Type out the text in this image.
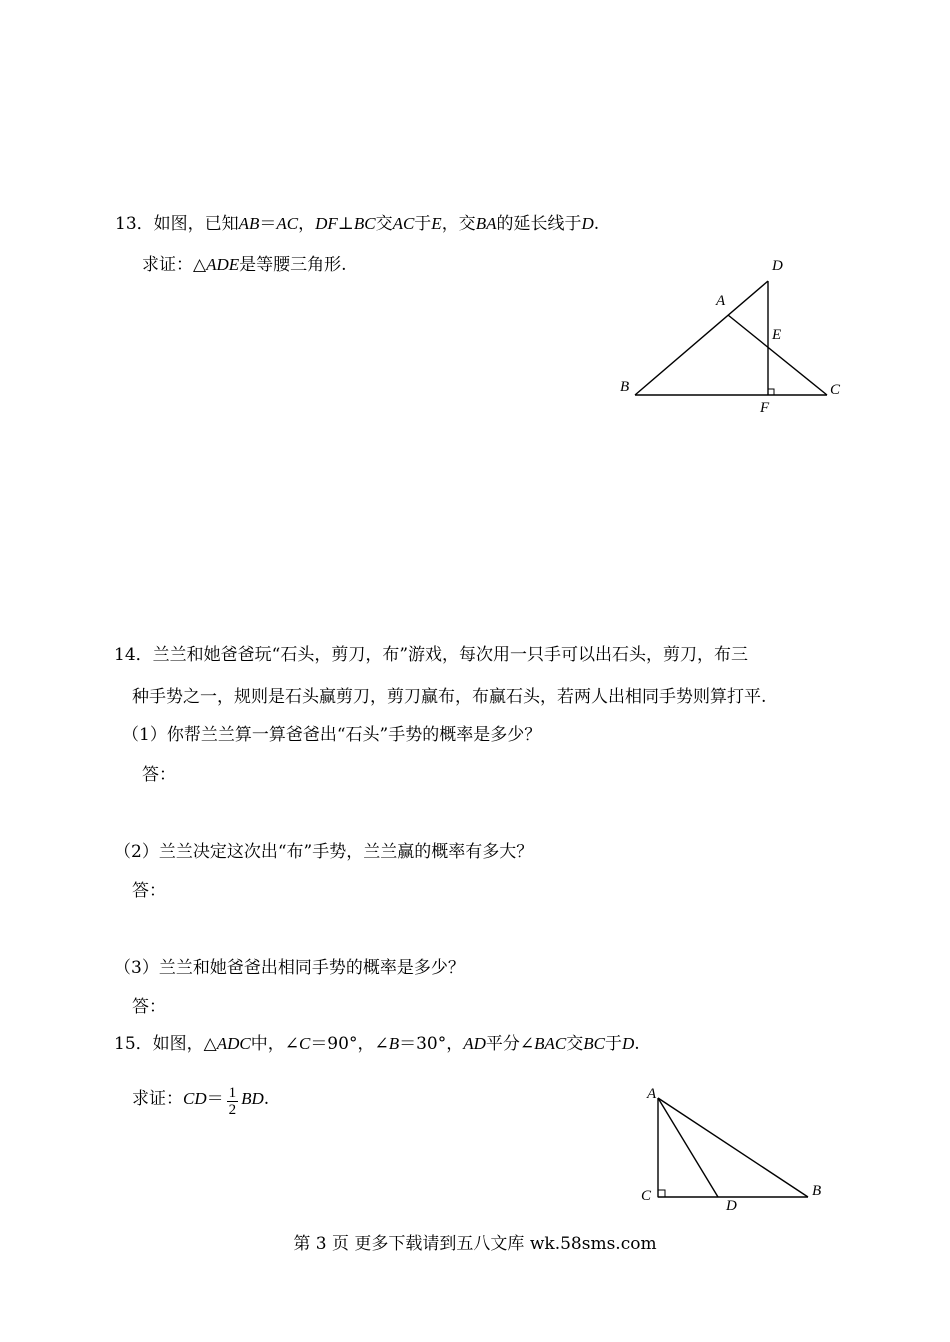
13．如图，已知AB＝AC，DF⊥BC交AC于E，交BA的延长线于D.
求证：△ADE是等腰三角形.	D
A
E
B	C
F
14．兰兰和她爸爸玩“石头，剪刀，布”游戏，每次用一只手可以出石头，剪刀，布三
种手势之一，规则是石头赢剪刀，剪刀赢布，布赢石头，若两人出相同手势则算打平.
（1）你帮兰兰算一算爸爸出“石头”手势的概率是多少？
答：
（2）兰兰决定这次出“布”手势，兰兰赢的概率有多大？
答：
（3）兰兰和她爸爸出相同手势的概率是多少？
答：
15．如图，△ADC中，∠C＝90°，∠B＝30°，AD平分∠BAC交BC于D.
求证：$CD= \frac{1}{2}$ BD.	A
C
D
B
第 3 页 更多下载请到五八文库 wk.58sms.com
